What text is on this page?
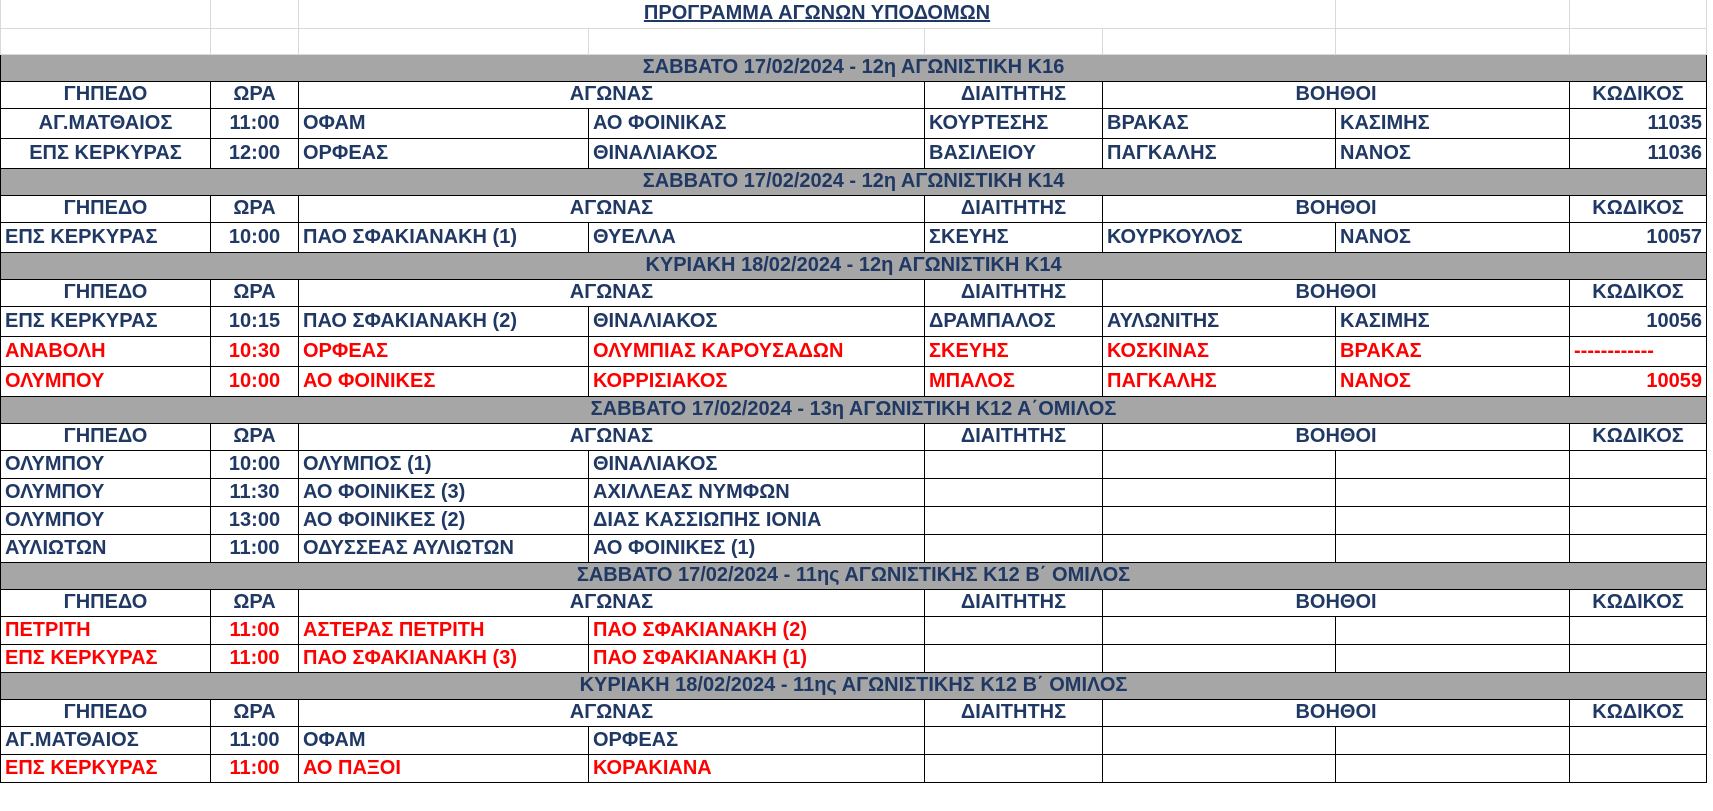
		ΠΡΟΓΡΑΜΜΑ ΑΓΩΝΩΝ ΥΠΟΔΟΜΩΝ					

ΣΑΒΒΑΤΟ 17/02/2024 - 12η ΑΓΩΝΙΣΤΙΚΗ Κ16							
ΓΗΠΕΔΟ	ΩΡΑ	ΑΓΩΝΑΣ		ΔΙΑΙΤΗΤΗΣ	ΒΟΗΘΟΙ		ΚΩΔΙΚΟΣ
ΑΓ.ΜΑΤΘΑΙΟΣ	11:00	ΟΦΑΜ	ΑΟ ΦΟΙΝΙΚΑΣ	ΚΟΥΡΤΕΣΗΣ	ΒΡΑΚΑΣ	ΚΑΣΙΜΗΣ	11035
ΕΠΣ ΚΕΡΚΥΡΑΣ	12:00	ΟΡΦΕΑΣ	ΘΙΝΑΛΙΑΚΟΣ	ΒΑΣΙΛΕΙΟΥ	ΠΑΓΚΑΛΗΣ	ΝΑΝΟΣ	11036
ΣΑΒΒΑΤΟ 17/02/2024 - 12η ΑΓΩΝΙΣΤΙΚΗ Κ14							
ΓΗΠΕΔΟ	ΩΡΑ	ΑΓΩΝΑΣ		ΔΙΑΙΤΗΤΗΣ	ΒΟΗΘΟΙ		ΚΩΔΙΚΟΣ
ΕΠΣ ΚΕΡΚΥΡΑΣ	10:00	ΠΑΟ ΣΦΑΚΙΑΝΑΚΗ (1)	ΘΥΕΛΛΑ	ΣΚΕΥΗΣ	ΚΟΥΡΚΟΥΛΟΣ	ΝΑΝΟΣ	10057
ΚΥΡΙΑΚΗ 18/02/2024 - 12η ΑΓΩΝΙΣΤΙΚΗ Κ14							
ΓΗΠΕΔΟ	ΩΡΑ	ΑΓΩΝΑΣ		ΔΙΑΙΤΗΤΗΣ	ΒΟΗΘΟΙ		ΚΩΔΙΚΟΣ
ΕΠΣ ΚΕΡΚΥΡΑΣ	10:15	ΠΑΟ ΣΦΑΚΙΑΝΑΚΗ (2)	ΘΙΝΑΛΙΑΚΟΣ	ΔΡΑΜΠΑΛΟΣ	ΑΥΛΩΝΙΤΗΣ	ΚΑΣΙΜΗΣ	10056
ΑΝΑΒΟΛΗ	10:30	ΟΡΦΕΑΣ	ΟΛΥΜΠΙΑΣ ΚΑΡΟΥΣΑΔΩΝ	ΣΚΕΥΗΣ	ΚΟΣΚΙΝΑΣ	ΒΡΑΚΑΣ	------------
ΟΛΥΜΠΟΥ	10:00	ΑΟ ΦΟΙΝΙΚΕΣ	ΚΟΡΡΙΣΙΑΚΟΣ	ΜΠΑΛΟΣ	ΠΑΓΚΑΛΗΣ	ΝΑΝΟΣ	10059
ΣΑΒΒΑΤΟ 17/02/2024 - 13η ΑΓΩΝΙΣΤΙΚΗ Κ12 Α΄ΟΜΙΛΟΣ							
ΓΗΠΕΔΟ	ΩΡΑ	ΑΓΩΝΑΣ		ΔΙΑΙΤΗΤΗΣ	ΒΟΗΘΟΙ		ΚΩΔΙΚΟΣ
ΟΛΥΜΠΟΥ	10:00	ΟΛΥΜΠΟΣ (1)	ΘΙΝΑΛΙΑΚΟΣ				
ΟΛΥΜΠΟΥ	11:30	ΑΟ ΦΟΙΝΙΚΕΣ (3)	ΑΧΙΛΛΕΑΣ ΝΥΜΦΩΝ				
ΟΛΥΜΠΟΥ	13:00	ΑΟ ΦΟΙΝΙΚΕΣ (2)	ΔΙΑΣ ΚΑΣΣΙΩΠΗΣ ΙΟΝΙΑ				
ΑΥΛΙΩΤΩΝ	11:00	ΟΔΥΣΣΕΑΣ ΑΥΛΙΩΤΩΝ	ΑΟ ΦΟΙΝΙΚΕΣ (1)				
ΣΑΒΒΑΤΟ 17/02/2024 - 11ης ΑΓΩΝΙΣΤΙΚΗΣ Κ12 Β΄ ΟΜΙΛΟΣ							
ΓΗΠΕΔΟ	ΩΡΑ	ΑΓΩΝΑΣ		ΔΙΑΙΤΗΤΗΣ	ΒΟΗΘΟΙ		ΚΩΔΙΚΟΣ
ΠΕΤΡΙΤΗ	11:00	ΑΣΤΕΡΑΣ ΠΕΤΡΙΤΗ	ΠΑΟ ΣΦΑΚΙΑΝΑΚΗ (2)				
ΕΠΣ ΚΕΡΚΥΡΑΣ	11:00	ΠΑΟ ΣΦΑΚΙΑΝΑΚΗ (3)	ΠΑΟ ΣΦΑΚΙΑΝΑΚΗ (1)				
ΚΥΡΙΑΚΗ 18/02/2024 - 11ης ΑΓΩΝΙΣΤΙΚΗΣ Κ12 Β΄ ΟΜΙΛΟΣ							
ΓΗΠΕΔΟ	ΩΡΑ	ΑΓΩΝΑΣ		ΔΙΑΙΤΗΤΗΣ	ΒΟΗΘΟΙ		ΚΩΔΙΚΟΣ
ΑΓ.ΜΑΤΘΑΙΟΣ	11:00	ΟΦΑΜ	ΟΡΦΕΑΣ				
ΕΠΣ ΚΕΡΚΥΡΑΣ	11:00	ΑΟ ΠΑΞΟΙ	ΚΟΡΑΚΙΑΝΑ				
